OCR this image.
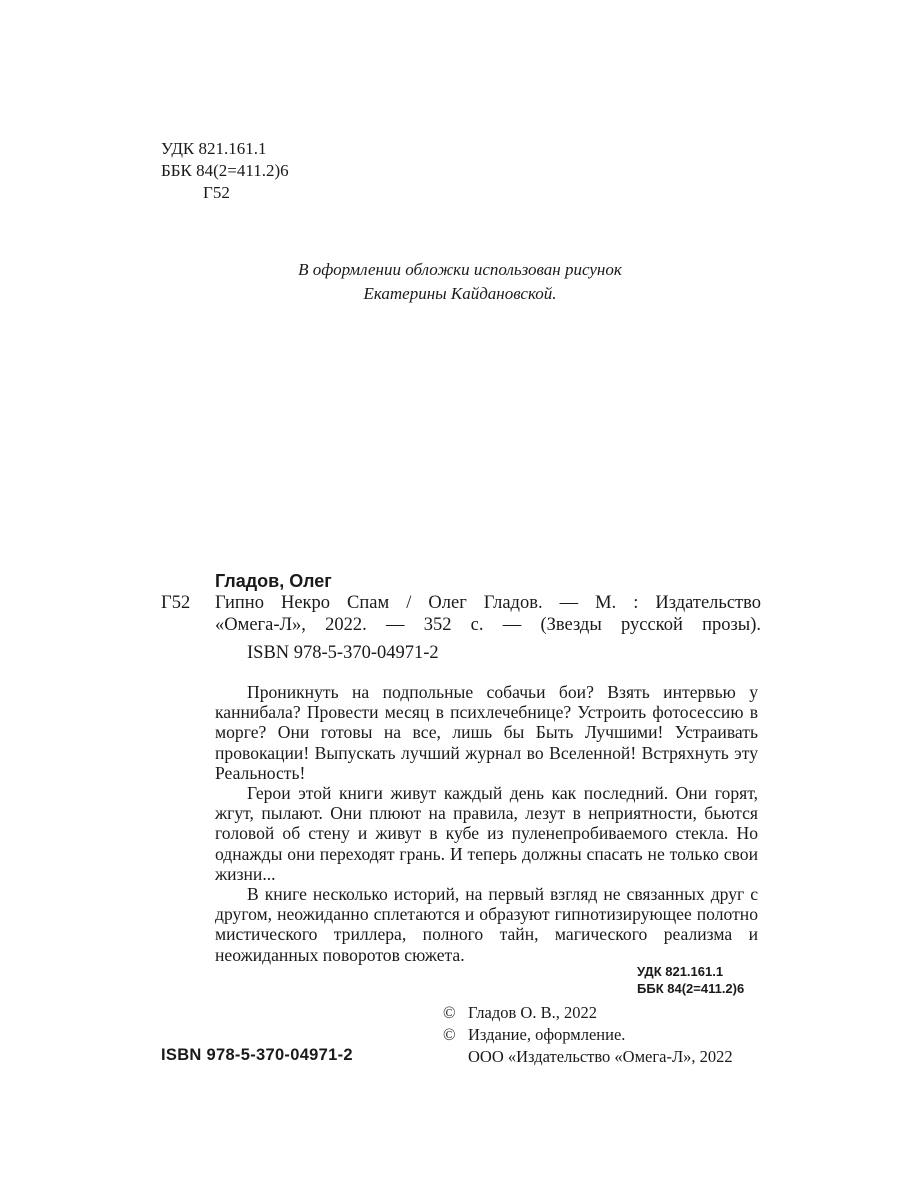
УДК 821.161.1
ББК 84(2=411.2)6
Г52
В оформлении обложки использован рисунок
Екатерины Кайдановской.
Гладов, Олег
Г52	Гипно Некро Спам / Олег Гладов. — М. : Издательство
«Омега-Л», 2022. — 352 с. — (Звезды русской прозы).
ISBN 978-5-370-04971-2

Проникнуть на подпольные собачьи бои? Взять интервью у каннибала? Провести месяц в психлечебнице? Устроить фотосессию в морге? Они готовы на все, лишь бы Быть Лучшими! Устраивать провокации! Выпускать лучший журнал во Вселенной! Встряхнуть эту Реальность!

Герои этой книги живут каждый день как последний. Они горят, жгут, пылают. Они плюют на правила, лезут в неприятности, бьются головой об стену и живут в кубе из пуленепробиваемого стекла. Но однажды они переходят грань. И теперь должны спасать не только свои жизни...

В книге несколько историй, на первый взгляд не связанных друг с другом, неожиданно сплетаются и образуют гипнотизирующее полотно мистического триллера, полного тайн, магического реализма и неожиданных поворотов сюжета.

УДК 821.161.1
ББК 84(2=411.2)6
© Гладов О. В., 2022
© Издание, оформление.
ООО «Издательство «Омега-Л», 2022
ISBN 978-5-370-04971-2
